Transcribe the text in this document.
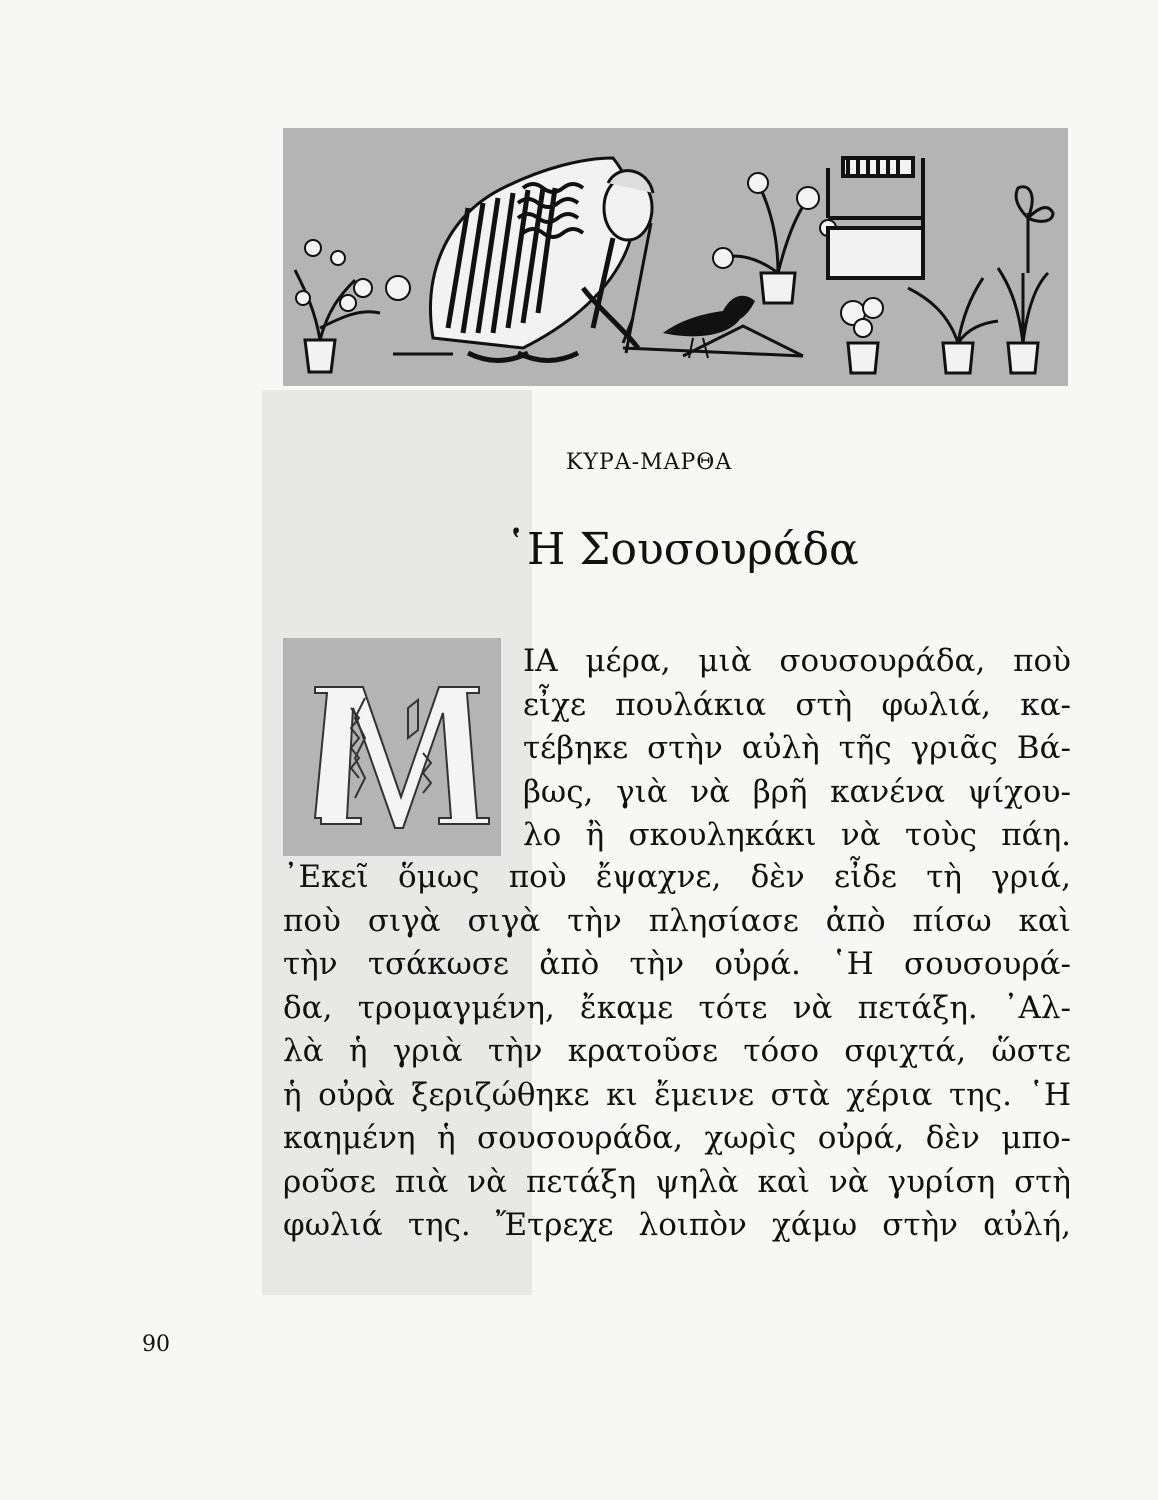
ΚΥΡΑ-ΜΑΡΘΑ
῾Η Σουσουράδα
M
ΙΑ μέρα, μιὰ σουσουράδα, ποὺ
εἶχε πουλάκια στὴ φωλιά, κα-
τέβηκε στὴν αὐλὴ τῆς γριᾶς Βά-
βως, γιὰ νὰ βρῆ κανένα ψίχου-
λο ἢ σκουληκάκι νὰ τοὺς πάη.
᾿Εκεῖ ὅμως ποὺ ἔψαχνε, δὲν εἶδε τὴ γριά,
ποὺ σιγὰ σιγὰ τὴν πλησίασε ἀπὸ πίσω καὶ
τὴν τσάκωσε ἀπὸ τὴν οὐρά. ῾Η σουσουρά-
δα, τρομαγμένη, ἔκαμε τότε νὰ πετάξη. ᾿Αλ-
λὰ ἡ γριὰ τὴν κρατοῦσε τόσο σφιχτά, ὥστε
ἡ οὐρὰ ξεριζώθηκε κι ἔμεινε στὰ χέρια της. ῾Η
καημένη ἡ σουσουράδα, χωρὶς οὐρά, δὲν μπο-
ροῦσε πιὰ νὰ πετάξη ψηλὰ καὶ νὰ γυρίση στὴ
φωλιά της. Ἔτρεχε λοιπὸν χάμω στὴν αὐλή,
90
